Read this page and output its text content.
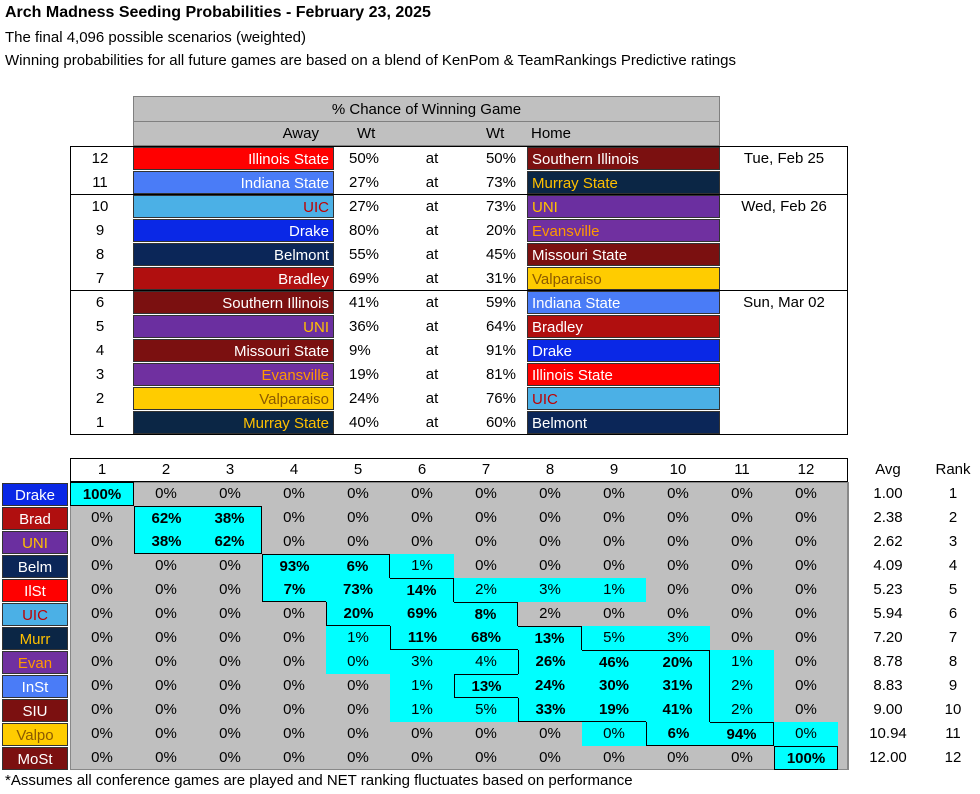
Arch Madness Seeding Probabilities - February 23, 2025
The final 4,096 possible scenarios (weighted)
Winning probabilities for all future games are based on a blend of KenPom & TeamRankings Predictive ratings
% Chance of Winning Game
Away	Wt	Wt	Home
12	Illinois State	50%	at	50%	Southern Illinois	Tue, Feb 25
11	Indiana State	27%	at	73%	Murray State
10	UIC	27%	at	73%	UNI	Wed, Feb 26
9	Drake	80%	at	20%	Evansville
8	Belmont	55%	at	45%	Missouri State
7	Bradley	69%	at	31%	Valparaiso
6	Southern Illinois	41%	at	59%	Indiana State	Sun, Mar 02
5	UNI	36%	at	64%	Bradley
4	Missouri State	9%	at	91%	Drake
3	Evansville	19%	at	81%	Illinois State
2	Valparaiso	24%	at	76%	UIC
1	Murray State	40%	at	60%	Belmont
1	2	3	4	5	6	7	8	9	10	11	12	Avg	Rank
Drake	100%	0%	0%	0%	0%	0%	0%	0%	0%	0%	0%	0%	1.00	1
Brad	0%	62%	38%	0%	0%	0%	0%	0%	0%	0%	0%	0%	2.38	2
UNI	0%	38%	62%	0%	0%	0%	0%	0%	0%	0%	0%	0%	2.62	3
Belm	0%	0%	0%	93%	6%	1%	0%	0%	0%	0%	0%	0%	4.09	4
IlSt	0%	0%	0%	7%	73%	14%	2%	3%	1%	0%	0%	0%	5.23	5
UIC	0%	0%	0%	0%	20%	69%	8%	2%	0%	0%	0%	0%	5.94	6
Murr	0%	0%	0%	0%	1%	11%	68%	13%	5%	3%	0%	0%	7.20	7
Evan	0%	0%	0%	0%	0%	3%	4%	26%	46%	20%	1%	0%	8.78	8
InSt	0%	0%	0%	0%	0%	1%	13%	24%	30%	31%	2%	0%	8.83	9
SIU	0%	0%	0%	0%	0%	1%	5%	33%	19%	41%	2%	0%	9.00	10
Valpo	0%	0%	0%	0%	0%	0%	0%	0%	0%	6%	94%	0%	10.94	11
MoSt	0%	0%	0%	0%	0%	0%	0%	0%	0%	0%	0%	100%	12.00	12
*Assumes all conference games are played and NET ranking fluctuates based on performance
